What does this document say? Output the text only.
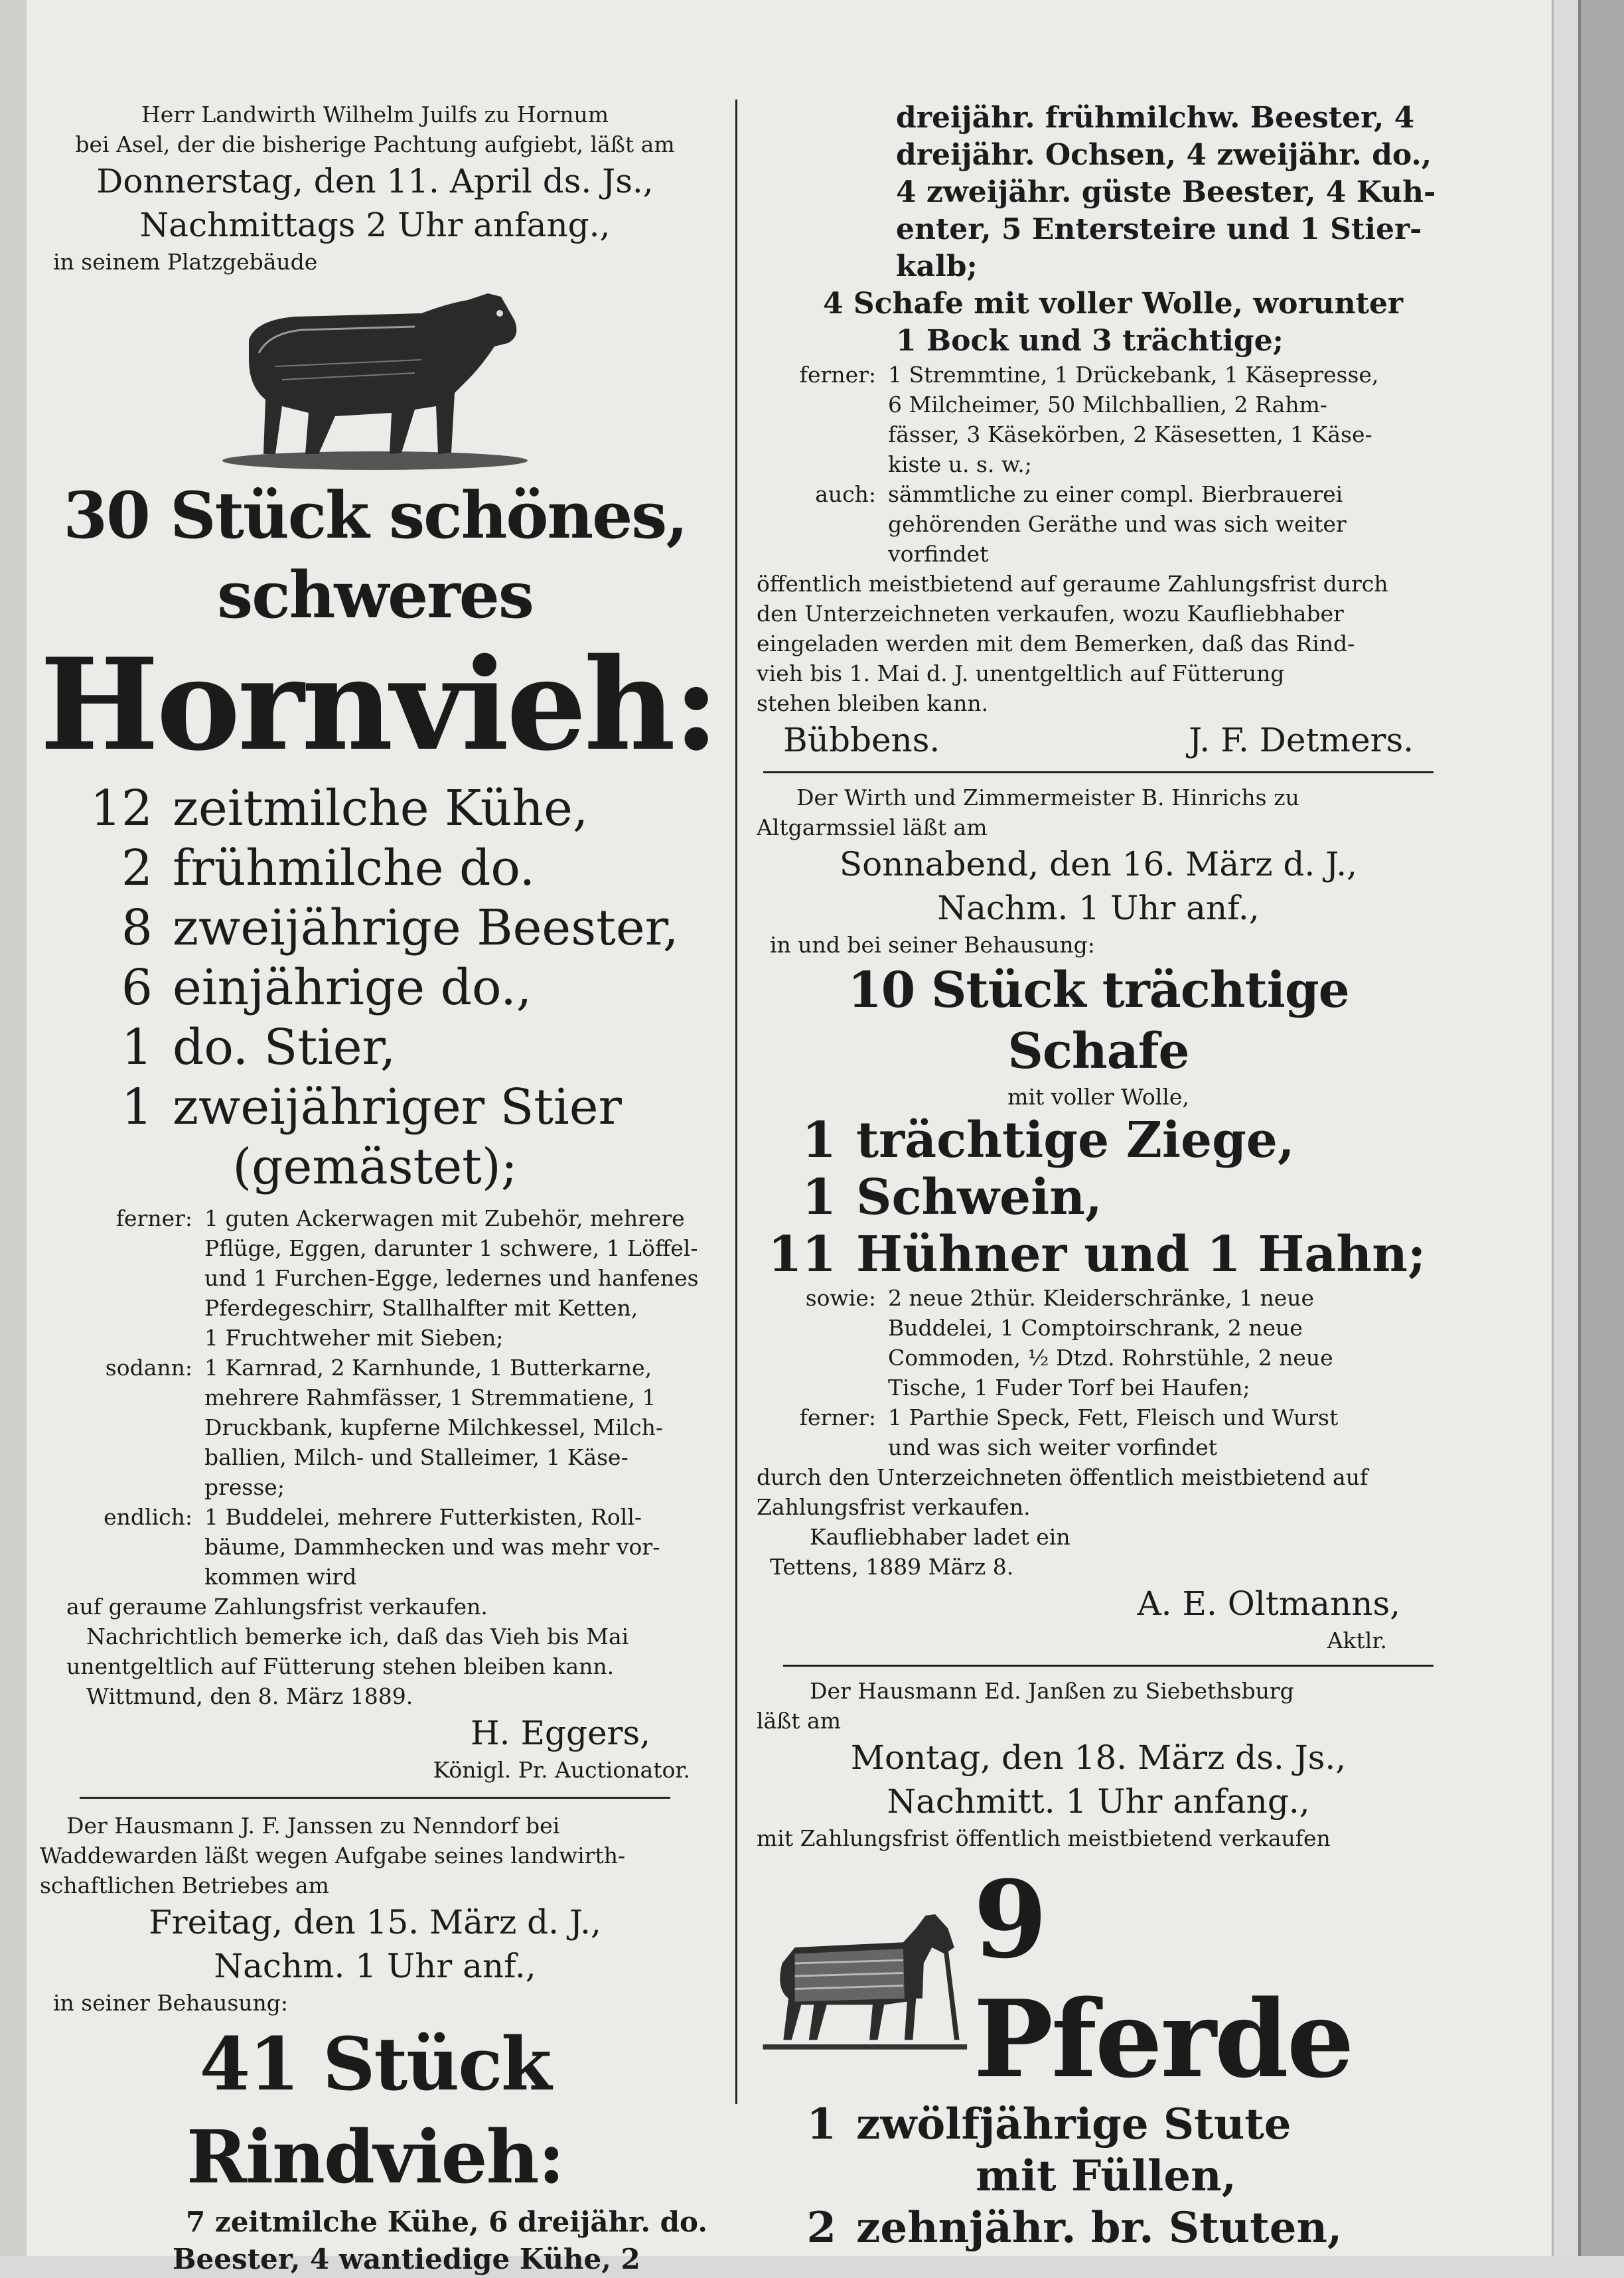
Herr Landwirth Wilhelm Juilfs zu Hornum
bei Asel, der die bisherige Pachtung aufgiebt, läßt am
Donnerstag, den 11. April ds. Js.,
Nachmittags 2 Uhr anfang.,
in seinem Platzgebäude
30 Stück schönes, schweres
Hornvieh:
12 zeitmilche Kühe,
2 frühmilche do.
8 zweijährige Beester,
6 einjährige do.,
1 do. Stier,
1 zweijähriger Stier
(gemästet);
ferner: 1 guten Ackerwagen mit Zubehör, mehrere
Pflüge, Eggen, darunter 1 schwere, 1 Löffel-
und 1 Furchen-Egge, ledernes und hanfenes
Pferdegeschirr, Stallhalfter mit Ketten,
1 Fruchtweher mit Sieben;
sodann: 1 Karnrad, 2 Karnhunde, 1 Butterkarne,
mehrere Rahmfässer, 1 Stremmatiene, 1
Druckbank, kupferne Milchkessel, Milch-
ballien, Milch- und Stalleimer, 1 Käse-
presse;
endlich: 1 Buddelei, mehrere Futterkisten, Roll-
bäume, Dammhecken und was mehr vor-
kommen wird
auf geraume Zahlungsfrist verkaufen.
Nachrichtlich bemerke ich, daß das Vieh bis Mai
unentgeltlich auf Fütterung stehen bleiben kann.
Wittmund, den 8. März 1889.
H. Eggers,
Königl. Pr. Auctionator.
Der Hausmann J. F. Janssen zu Nenndorf bei
Waddewarden läßt wegen Aufgabe seines landwirth-
schaftlichen Betriebes am
Freitag, den 15. März d. J.,
Nachm. 1 Uhr anf.,
in seiner Behausung:
41 Stück Rindvieh:
7 zeitmilche Kühe, 6 dreijähr. do.
Beester, 4 wantiedige Kühe, 2
dreijähr. frühmilchw. Beester, 4
dreijähr. Ochsen, 4 zweijähr. do.,
4 zweijähr. güste Beester, 4 Kuh-
enter, 5 Entersteire und 1 Stier-
kalb;
4 Schafe mit voller Wolle, worunter
1 Bock und 3 trächtige;
ferner: 1 Stremmtine, 1 Drückebank, 1 Käsepresse,
6 Milcheimer, 50 Milchballien, 2 Rahm-
fässer, 3 Käsekörben, 2 Käsesetten, 1 Käse-
kiste u. s. w.;
auch: sämmtliche zu einer compl. Bierbrauerei
gehörenden Geräthe und was sich weiter
vorfindet
öffentlich meistbietend auf geraume Zahlungsfrist durch
den Unterzeichneten verkaufen, wozu Kaufliebhaber
eingeladen werden mit dem Bemerken, daß das Rind-
vieh bis 1. Mai d. J. unentgeltlich auf Fütterung
stehen bleiben kann.
Bübbens.	J. F. Detmers.
Der Wirth und Zimmermeister B. Hinrichs zu
Altgarmssiel läßt am
Sonnabend, den 16. März d. J.,
Nachm. 1 Uhr anf.,
in und bei seiner Behausung:
10 Stück trächtige Schafe
mit voller Wolle,
1 trächtige Ziege,
1 Schwein,
11 Hühner und 1 Hahn;
sowie: 2 neue 2thür. Kleiderschränke, 1 neue
Buddelei, 1 Comptoirschrank, 2 neue
Commoden, ½ Dtzd. Rohrstühle, 2 neue
Tische, 1 Fuder Torf bei Haufen;
ferner: 1 Parthie Speck, Fett, Fleisch und Wurst
und was sich weiter vorfindet
durch den Unterzeichneten öffentlich meistbietend auf
Zahlungsfrist verkaufen.
Kaufliebhaber ladet ein
Tettens, 1889 März 8.
A. E. Oltmanns,
Aktlr.
Der Hausmann Ed. Janßen zu Siebethsburg
läßt am
Montag, den 18. März ds. Js.,
Nachmitt. 1 Uhr anfang.,
mit Zahlungsfrist öffentlich meistbietend verkaufen
9 Pferde
1 zwölfjährige Stute
mit Füllen,
2 zehnjähr. br. Stuten,
